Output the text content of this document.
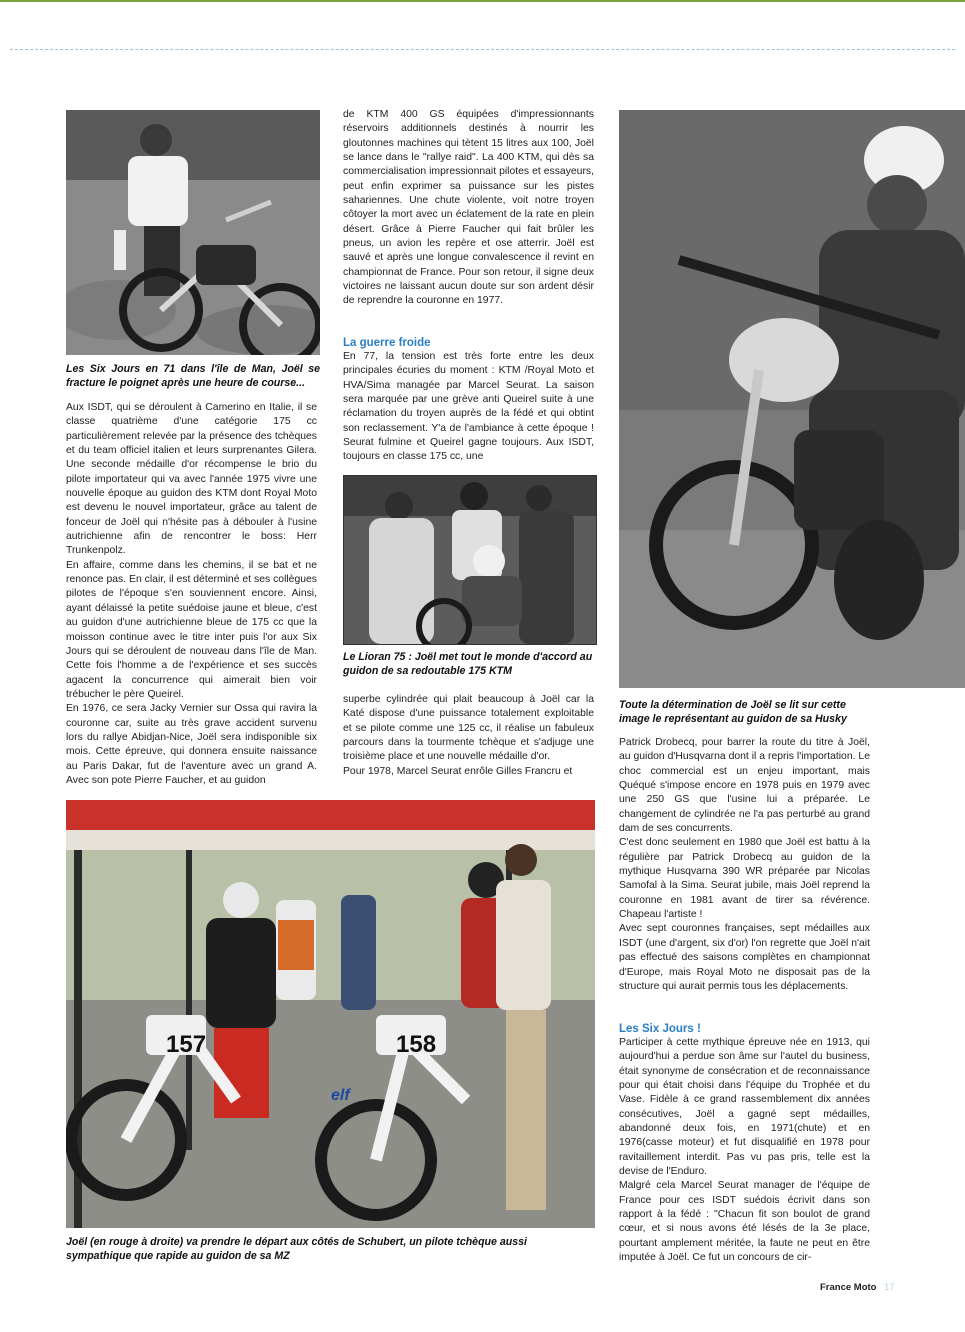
Les Six Jours en 71 dans l'île de Man, Joël se fracture le poignet après une heure de course...

Aux ISDT, qui se déroulent à Camerino en Italie, il se classe quatrième d'une catégorie 175 cc particulièrement relevée par la présence des tchèques et du team officiel italien et leurs surprenantes Gilera. Une seconde médaille d'or récompense le brio du pilote importateur qui va avec l'année 1975 vivre une nouvelle époque au guidon des KTM dont Royal Moto est devenu le nouvel importateur, grâce au talent de fonceur de Joël qui n'hésite pas à débouler à l'usine autrichienne afin de rencontrer le boss: Herr Trunkenpolz.

En affaire, comme dans les chemins, il se bat et ne renonce pas. En clair, il est déterminé et ses collègues pilotes de l'époque s'en souviennent encore. Ainsi, ayant délaissé la petite suédoise jaune et bleue, c'est au guidon d'une autrichienne bleue de 175 cc que la moisson continue avec le titre inter puis l'or aux Six Jours qui se déroulent de nouveau dans l'île de Man. Cette fois l'homme a de l'expérience et ses succès agacent la concurrence qui aimerait bien voir trébucher le père Queirel.

En 1976, ce sera Jacky Vernier sur Ossa qui ravira la couronne car, suite au très grave accident survenu lors du rallye Abidjan-Nice, Joël sera indisponible six mois. Cette épreuve, qui donnera ensuite naissance au Paris Dakar, fut de l'aventure avec un grand A. Avec son pote Pierre Faucher, et au guidon

de KTM 400 GS équipées d'impressionnants réservoirs additionnels destinés à nourrir les gloutonnes machines qui tètent 15 litres aux 100, Joël se lance dans le "rallye raid". La 400 KTM, qui dès sa commercialisation impressionnait pilotes et essayeurs, peut enfin exprimer sa puissance sur les pistes sahariennes. Une chute violente, voit notre troyen côtoyer la mort avec un éclatement de la rate en plein désert. Grâce à Pierre Faucher qui fait brûler les pneus, un avion les repère et ose atterrir. Joël est sauvé et après une longue convalescence il revint en championnat de France. Pour son retour, il signe deux victoires ne laissant aucun doute sur son ardent désir de reprendre la couronne en 1977.

La guerre froide

En 77, la tension est très forte entre les deux principales écuries du moment : KTM /Royal Moto et HVA/Sima managée par Marcel Seurat. La saison sera marquée par une grève anti Queirel suite à une réclamation du troyen auprès de la fédé et qui obtint son reclassement. Y'a de l'ambiance à cette époque ! Seurat fulmine et Queirel gagne toujours. Aux ISDT, toujours en classe 175 cc, une

Le Lioran 75 : Joël met tout le monde d'accord au guidon de sa redoutable 175 KTM

superbe cylindrée qui plait beaucoup à Joël car la Katé dispose d'une puissance totalement exploitable et se pilote comme une 125 cc, il réalise un fabuleux parcours dans la tourmente tchèque et s'adjuge une troisième place et une nouvelle médaille d'or.

Pour 1978, Marcel Seurat enrôle Gilles Francru et

Toute la détermination de Joël se lit sur cette image le représentant au guidon de sa Husky

Patrick Drobecq, pour barrer la route du titre à Joël, au guidon d'Husqvarna dont il a repris l'importation. Le choc commercial est un enjeu important, mais Quéqué s'impose encore en 1978 puis en 1979 avec une 250 GS que l'usine lui a préparée. Le changement de cylindrée ne l'a pas perturbé au grand dam de ses concurrents.

C'est donc seulement en 1980 que Joël est battu à la régulière par Patrick Drobecq au guidon de la mythique Husqvarna 390 WR préparée par Nicolas Samofal à la Sima. Seurat jubile, mais Joël reprend la couronne en 1981 avant de tirer sa révérence. Chapeau l'artiste !

Avec sept couronnes françaises, sept médailles aux ISDT (une d'argent, six d'or) l'on regrette que Joël n'ait pas effectué des saisons complètes en championnat d'Europe, mais Royal Moto ne disposait pas de la structure qui aurait permis tous les déplacements.

Les Six Jours !

Participer à cette mythique épreuve née en 1913, qui aujourd'hui a perdue son âme sur l'autel du business, était synonyme de consécration et de reconnaissance pour qui était choisi dans l'équipe du Trophée et du Vase. Fidèle à ce grand rassemblement dix années consécutives, Joël a gagné sept médailles, abandonné deux fois, en 1971(chute) et en 1976(casse moteur) et fut disqualifié en 1978 pour ravitaillement interdit. Pas vu pas pris, telle est la devise de l'Enduro.

Malgré cela Marcel Seurat manager de l'équipe de France pour ces ISDT suédois écrivit dans son rapport à la fédé : "Chacun fit son boulot de grand cœur, et si nous avons été lésés de la 3e place, pourtant amplement méritée, la faute ne peut en être imputée à Joël. Ce fut un concours de cir-

157	158
elf

Joël (en rouge à droite) va prendre le départ aux côtés de Schubert, un pilote tchèque aussi sympathique que rapide au guidon de sa MZ

France Moto 17
